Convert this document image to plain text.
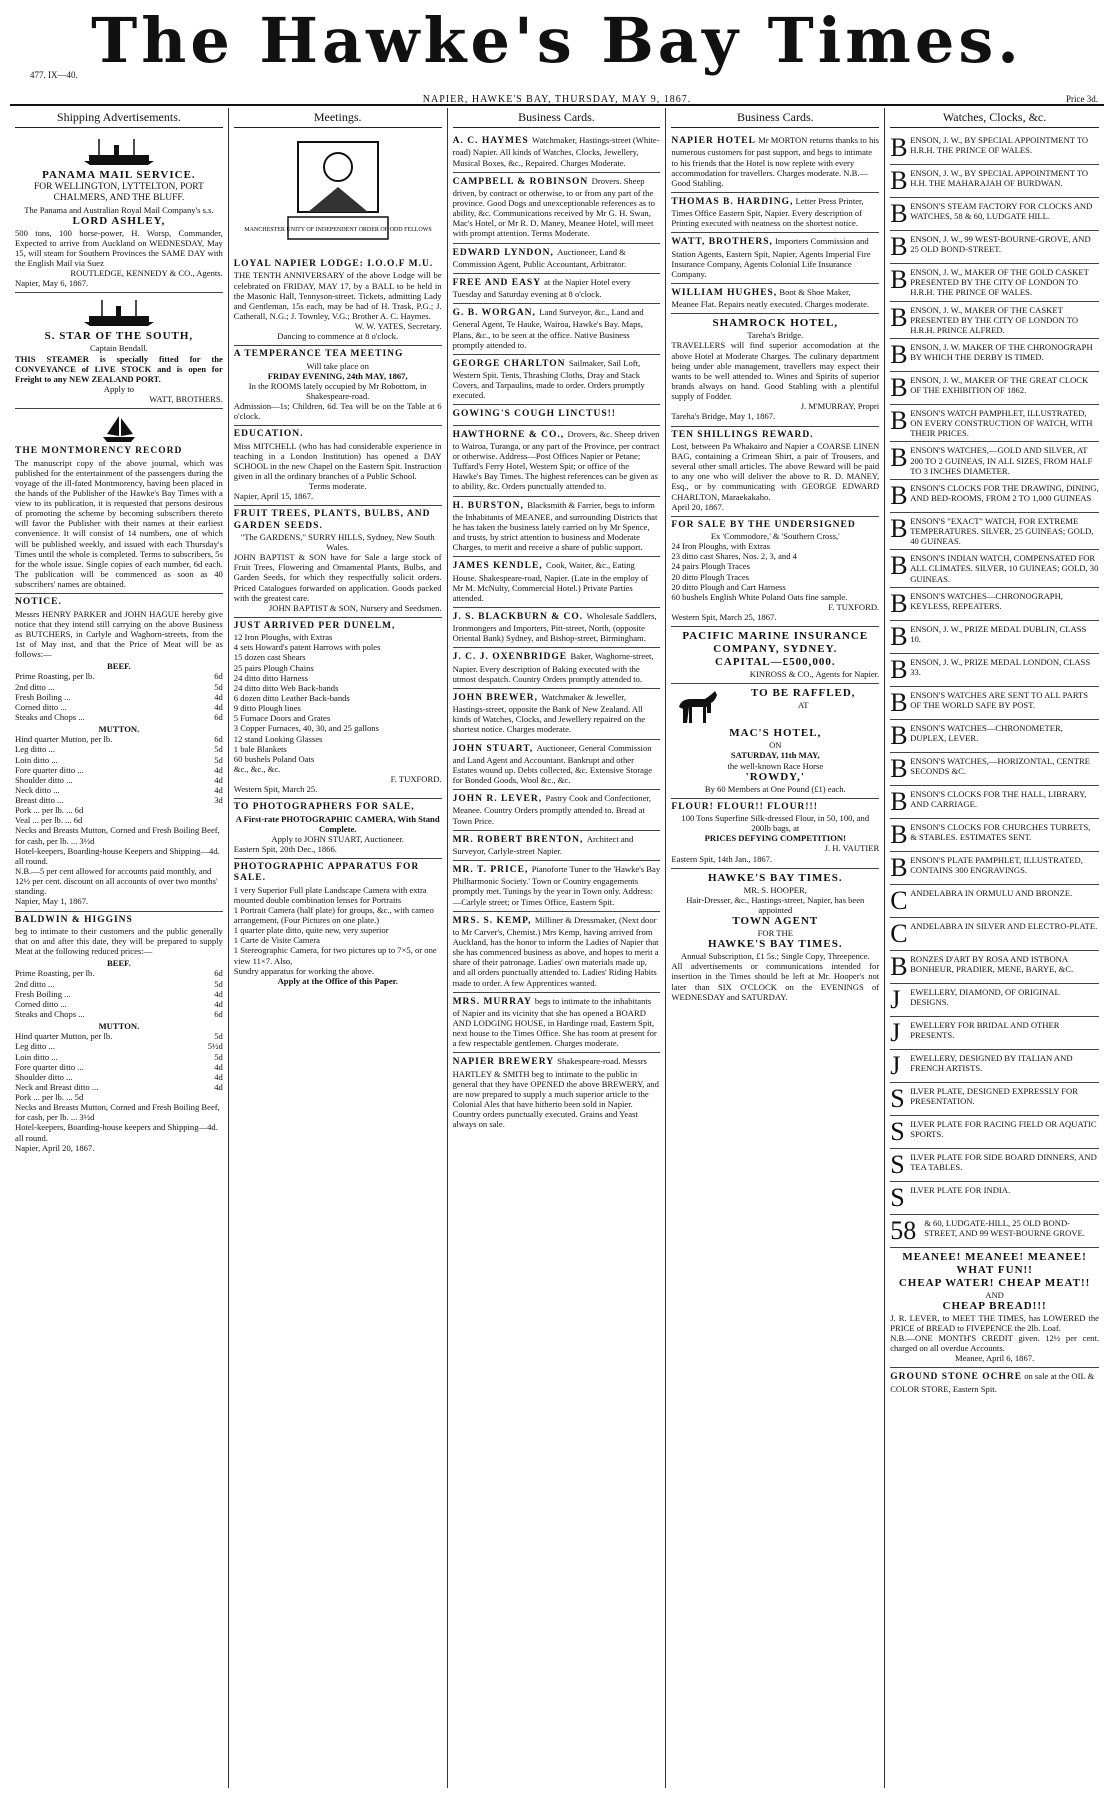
The Hawke's Bay Times.
477. IX—40.
NAPIER, HAWKE'S BAY, THURSDAY, MAY 9, 1867.	Price 3d.
Shipping Advertisements.
PANAMA MAIL SERVICE.
FOR WELLINGTON, LYTTELTON, PORT CHALMERS, AND THE BLUFF.
The Panama and Australian Royal Mail Company's s.s.
LORD ASHLEY,
500 tons, 100 horse-power, H. Worsp, Commander, Expected to arrive from Auckland on WEDNESDAY, May 15, will steam for Southern Provinces the SAME DAY with the English Mail via Suez
ROUTLEDGE, KENNEDY & CO., Agents.
Napier, May 6, 1867.
S. STAR OF THE SOUTH,
Captain Bendall.
THIS STEAMER is specially fitted for the CONVEYANCE of LIVE STOCK and is open for Freight to any NEW ZEALAND PORT.
Apply to
WATT, BROTHERS.
THE MONTMORENCY RECORD
The manuscript copy of the above journal, which was published for the entertainment of the passengers during the voyage of the ill-fated Montmorency, having been placed in the hands of the Publisher of the Hawke's Bay Times with a view to its publication, it is requested that persons desirous of promoting the scheme by becoming subscribers thereto will favor the Publisher with their names at their earliest convenience. It will consist of 14 numbers, one of which will be published weekly, and issued with each Thursday's Times until the whole is completed. Terms to subscribers, 5s for the whole issue. Single copies of each number, 6d each. The publication will be commenced as soon as 40 subscribers' names are obtained.
NOTICE.
Messrs HENRY PARKER and JOHN HAGUE hereby give notice that they intend still carrying on the above Business as BUTCHERS, in Carlyle and Waghorn-streets, from the 1st of May inst, and that the Price of Meat will be as follows:—
BEEF.
Prime Roasting, per lb.	6d
2nd ditto ...	5d
Fresh Boiling ...	4d
Corned ditto ...	4d
Steaks and Chops ...	6d
MUTTON.
Hind quarter Mutton, per lb.	6d
Leg ditto ...	5d
Loin ditto ...	5d
Fore quarter ditto ...	4d
Shoulder ditto ...	4d
Neck ditto ...	4d
Breast ditto ...	3d
Pork ... per lb. ... 6d
Veal ... per lb. ... 6d
Necks and Breasts Mutton, Corned and Fresh Boiling Beef, for cash, per lb. ... 3½d
Hotel-keepers, Boarding-house Keepers and Shipping—4d. all round.
N.B.—5 per cent allowed for accounts paid monthly, and 12½ per cent. discount on all accounts of over two months' standing.
Napier, May 1, 1867.
BALDWIN & HIGGINS
beg to intimate to their customers and the public generally that on and after this date, they will be prepared to supply Meat at the following reduced prices:—
BEEF.
Prime Roasting, per lb.	6d
2nd ditto ...	5d
Fresh Boiling ...	4d
Corned ditto ...	4d
Steaks and Chops ...	6d
MUTTON.
Hind quarter Mutton, per lb.	5d
Leg ditto ...	5½d
Loin ditto ...	5d
Fore quarter ditto ...	4d
Shoulder ditto ...	4d
Neck and Breast ditto ...	4d
Pork ... per lb. ... 5d
Necks and Breasts Mutton, Corned and Fresh Boiling Beef, for cash, per lb. ... 3½d
Hotel-keepers, Boarding-house keepers and Shipping—4d. all round.
Napier, April 20, 1867.
Meetings.
MANCHESTER UNITY OF INDEPENDENT ORDER OF ODD FELLOWS
LOYAL NAPIER LODGE: I.O.O.F M.U.
THE TENTH ANNIVERSARY of the above Lodge will be celebrated on FRIDAY, MAY 17, by a BALL to be held in the Masonic Hall, Tennyson-street. Tickets, admitting Lady and Gentleman, 15s each, may be had of H. Trask, P.G.; J. Catherall, N.G.; J. Townley, V.G.; Brother A. C. Haymes.
W. W. YATES, Secretary.
Dancing to commence at 8 o'clock.
A TEMPERANCE TEA MEETING
Will take place on
FRIDAY EVENING, 24th MAY, 1867,
In the ROOMS lately occupied by Mr Robottom, in Shakespeare-road.
Admission—1s; Children, 6d. Tea will be on the Table at 6 o'clock.
EDUCATION.
Miss MITCHELL (who has had considerable experience in teaching in a London Institution) has opened a DAY SCHOOL in the new Chapel on the Eastern Spit. Instruction given in all the ordinary branches of a Public School.
Terms moderate.
Napier, April 15, 1867.
FRUIT TREES, PLANTS, BULBS, AND GARDEN SEEDS.
"The GARDENS," SURRY HILLS, Sydney, New South Wales.
JOHN BAPTIST & SON have for Sale a large stock of Fruit Trees, Flowering and Ornamental Plants, Bulbs, and Garden Seeds, for which they respectfully solicit orders. Priced Catalogues forwarded on application. Goods packed with the greatest care.
JOHN BAPTIST & SON, Nursery and Seedsmen.
JUST ARRIVED PER DUNELM,
12 Iron Ploughs, with Extras
4 sets Howard's patent Harrows with poles
15 dozen cast Shears
25 pairs Plough Chains
24 ditto ditto Harness
24 ditto ditto Web Back-bands
6 dozen ditto Leather Back-bands
9 ditto Plough lines
5 Furnace Doors and Grates
3 Copper Furnaces, 40, 30, and 25 gallons
12 stand Looking Glasses
1 bale Blankets
60 bushels Poland Oats
&c., &c., &c.
F. TUXFORD.
Western Spit, March 25.
TO PHOTOGRAPHERS FOR SALE,
A First-rate PHOTOGRAPHIC CAMERA, With Stand Complete.
Apply to JOHN STUART, Auctioneer.
Eastern Spit, 20th Dec., 1866.
PHOTOGRAPHIC APPARATUS FOR SALE.
1 very Superior Full plate Landscape Camera with extra mounted double combination lenses for Portraits
1 Portrait Camera (half plate) for groups, &c., with cameo arrangement, (Four Pictures on one plate.)
1 quarter plate ditto, quite new, very superior
1 Carte de Visite Camera
1 Stereographic Camera, for two pictures up to 7×5, or one view 11×7. Also,
Sundry apparatus for working the above.
Apply at the Office of this Paper.
Business Cards.
A. C. HAYMES Watchmaker, Hastings-street (White-road) Napier. All kinds of Watches, Clocks, Jewellery, Musical Boxes, &c., Repaired. Charges Moderate.
CAMPBELL & ROBINSON Drovers. Sheep driven, by contract or otherwise, to or from any part of the province. Good Dogs and unexceptionable references as to ability, &c. Communications received by Mr G. H. Swan, Mac's Hotel, or Mr R. D. Maney, Meanee Hotel, will meet with prompt attention. Terms Moderate.
EDWARD LYNDON, Auctioneer, Land & Commission Agent, Public Accountant, Arbitrator.
FREE AND EASY at the Napier Hotel every Tuesday and Saturday evening at 8 o'clock.
G. B. WORGAN, Land Surveyor, &c., Land and General Agent, Te Hauke, Wairoa, Hawke's Bay. Maps, Plans, &c., to be seen at the office. Native Business promptly attended to.
GEORGE CHARLTON Sailmaker, Sail Loft, Western Spit. Tents, Thrashing Cloths, Dray and Stack Covers, and Tarpaulins, made to order. Orders promptly executed.
GOWING'S COUGH LINCTUS!!
HAWTHORNE & CO., Drovers, &c. Sheep driven to Wairoa, Turanga, or any part of the Province, per contract or otherwise. Address—Post Offices Napier or Petane; Tuffard's Ferry Hotel, Western Spit; or office of the Hawke's Bay Times. The highest references can be given as to ability, &c. Orders punctually attended to.
H. BURSTON, Blacksmith & Farrier, begs to inform the Inhabitants of MEANEE, and surrounding Districts that he has taken the business lately carried on by Mr Spence, and trusts, by strict attention to business and Moderate Charges, to merit and receive a share of public support.
JAMES KENDLE, Cook, Waiter, &c., Eating House. Shakespeare-road, Napier. (Late in the employ of Mr M. McNulty, Commercial Hotel.) Private Parties attended.
J. S. BLACKBURN & CO. Wholesale Saddlers, Ironmongers and Importers, Pitt-street, North, (opposite Oriental Bank) Sydney, and Bishop-street, Birmingham.
J. C. J. OXENBRIDGE Baker, Waghorne-street, Napier. Every description of Baking executed with the utmost despatch. Country Orders promptly attended to.
JOHN BREWER, Watchmaker & Jeweller, Hastings-street, opposite the Bank of New Zealand. All kinds of Watches, Clocks, and Jewellery repaired on the shortest notice. Charges moderate.
JOHN STUART, Auctioneer, General Commission and Land Agent and Accountant. Bankrupt and other Estates wound up. Debts collected, &c. Extensive Storage for Bonded Goods, Wool &c., &c.
JOHN R. LEVER, Pastry Cook and Confectioner, Meanee. Country Orders promptly attended to. Bread at Town Price.
MR. ROBERT BRENTON, Architect and Surveyor, Carlyle-street Napier.
MR. T. PRICE, Pianoforte Tuner to the 'Hawke's Bay Philharmonic Society.' Town or Country engagements promptly met. Tunings by the year in Town only. Address:—Carlyle street; or Times Office, Eastern Spit.
MRS. S. KEMP, Milliner & Dressmaker, (Next door to Mr Carver's, Chemist.) Mrs Kemp, having arrived from Auckland, has the honor to inform the Ladies of Napier that she has commenced business as above, and hopes to merit a share of their patronage. Ladies' own materials made up, and all orders punctually attended to. Ladies' Riding Habits made to order. A few Apprentices wanted.
MRS. MURRAY begs to intimate to the inhabitants of Napier and its vicinity that she has opened a BOARD AND LODGING HOUSE, in Hardinge road, Eastern Spit, next house to the Times Office. She has room at present for a few respectable gentlemen. Charges moderate.
NAPIER BREWERY Shakespeare-road. Messrs HARTLEY & SMITH beg to intimate to the public in general that they have OPENED the above BREWERY, and are now prepared to supply a much superior article to the Colonial Ales that have hitherto been sold in Napier. Country orders punctually executed. Grains and Yeast always on sale.
Business Cards.
NAPIER HOTEL Mr MORTON returns thanks to his numerous customers for past support, and begs to intimate to his friends that the Hotel is now replete with every accommodation for travellers. Charges moderate. N.B.—Good Stabling.
THOMAS B. HARDING, Letter Press Printer, Times Office Eastern Spit, Napier. Every description of Printing executed with neatness on the shortest notice.
WATT, BROTHERS, Importers Commission and Station Agents, Eastern Spit, Napier, Agents Imperial Fire Insurance Company, Agents Colonial Life Insurance Company.
WILLIAM HUGHES, Boot & Shoe Maker, Meanee Flat. Repairs neatly executed. Charges moderate.
SHAMROCK HOTEL,
Tareha's Bridge.
TRAVELLERS will find superior accomodation at the above Hotel at Moderate Charges. The culinary department being under able management, travellers may expect their wants to be well attended to. Wines and Spirits of superior brands always on hand. Good Stabling with a plentiful supply of Fodder.
J. M'MURRAY, Propri
Tareha's Bridge, May 1, 1867.
TEN SHILLINGS REWARD.
Lost, between Pa Whakairo and Napier a COARSE LINEN BAG, containing a Crimean Shirt, a pair of Trousers, and several other small articles. The above Reward will be paid to any one who will deliver the above to R. D. MANEY, Esq., or by communicating with GEORGE EDWARD CHARLTON, Maraekakaho.
April 20, 1867.
FOR SALE BY THE UNDERSIGNED
Ex 'Commodore,' & 'Southern Cross,'
24 Iron Ploughs, with Extras
23 ditto cast Shares, Nos. 2, 3, and 4
24 pairs Plough Traces
20 ditto Plough Traces
20 ditto Plough and Cart Harness
60 bushels English White Poland Oats fine sample.
F. TUXFORD.
Western Spit, March 25, 1867.
PACIFIC MARINE INSURANCE COMPANY, SYDNEY.
CAPITAL—£500,000.
KINROSS & CO., Agents for Napier.
TO BE RAFFLED,
AT
MAC'S HOTEL,
ON
SATURDAY, 11th MAY,
the well-known Race Horse
'ROWDY,'
By 60 Members at One Pound (£1) each.
FLOUR! FLOUR!! FLOUR!!!
100 Tons Superfine Silk-dressed Flour, in 50, 100, and 200lb bags, at
PRICES DEFYING COMPETITION!
J. H. VAUTIER
Eastern Spit, 14th Jan., 1867.
HAWKE'S BAY TIMES.
MR. S. HOOPER,
Hair-Dresser, &c., Hastings-street, Napier, has been appointed
TOWN AGENT
FOR THE
HAWKE'S BAY TIMES.
Annual Subscription, £1 5s.; Single Copy, Threepence.
All advertisements or communications intended for insertion in the Times should be left at Mr. Hooper's not later than SIX O'CLOCK on the EVENINGS of WEDNESDAY and SATURDAY.
Watches, Clocks, &c.
B ENSON, J. W., BY SPECIAL APPOINTMENT TO H.R.H. THE PRINCE OF WALES.
B ENSON, J. W., BY SPECIAL APPOINTMENT TO H.H. THE MAHARAJAH OF BURDWAN.
B ENSON'S STEAM FACTORY FOR CLOCKS AND WATCHES, 58 & 60, LUDGATE HILL.
B ENSON, J. W., 99 WEST-BOURNE-GROVE, AND 25 OLD BOND-STREET.
B ENSON, J. W., MAKER OF THE GOLD CASKET PRESENTED BY THE CITY OF LONDON TO H.R.H. THE PRINCE OF WALES.
B ENSON, J. W., MAKER OF THE CASKET PRESENTED BY THE CITY OF LONDON TO H.R.H. PRINCE ALFRED.
B ENSON, J. W. MAKER OF THE CHRONOGRAPH BY WHICH THE DERBY IS TIMED.
B ENSON, J. W., MAKER OF THE GREAT CLOCK OF THE EXHIBITION OF 1862.
B ENSON'S WATCH PAMPHLET, ILLUSTRATED, ON EVERY CONSTRUCTION OF WATCH, WITH THEIR PRICES.
B ENSON'S WATCHES,—GOLD AND SILVER, AT 200 TO 2 GUINEAS, IN ALL SIZES, FROM HALF TO 3 INCHES DIAMETER.
B ENSON'S CLOCKS FOR THE DRAWING, DINING, AND BED-ROOMS, FROM 2 TO 1,000 GUINEAS
B ENSON'S "EXACT" WATCH, FOR EXTREME TEMPERATURES. SILVER, 25 GUINEAS; GOLD, 40 GUINEAS.
B ENSON'S INDIAN WATCH, COMPENSATED FOR ALL CLIMATES. SILVER, 10 GUINEAS; GOLD, 30 GUINEAS.
B ENSON'S WATCHES—CHRONOGRAPH, KEYLESS, REPEATERS.
B ENSON, J. W., PRIZE MEDAL DUBLIN, CLASS 10.
B ENSON, J. W., PRIZE MEDAL LONDON, CLASS 33.
B ENSON'S WATCHES ARE SENT TO ALL PARTS OF THE WORLD SAFE BY POST.
B ENSON'S WATCHES—CHRONOMETER, DUPLEX, LEVER.
B ENSON'S WATCHES,—HORIZONTAL, CENTRE SECONDS &C.
B ENSON'S CLOCKS FOR THE HALL, LIBRARY, AND CARRIAGE.
B ENSON'S CLOCKS FOR CHURCHES TURRETS, & STABLES. ESTIMATES SENT.
B ENSON'S PLATE PAMPHLET, ILLUSTRATED, CONTAINS 300 ENGRAVINGS.
C ANDELABRA IN ORMULU AND BRONZE.
C ANDELABRA IN SILVER AND ELECTRO-PLATE.
B RONZES D'ART BY ROSA AND ISTBONA BONHEUR, PRADIER, MENE, BARYE, &C.
J	EWELLERY, DIAMOND, OF ORIGINAL DESIGNS.
J	EWELLERY FOR BRIDAL AND OTHER PRESENTS.
J	EWELLERY, DESIGNED BY ITALIAN AND FRENCH ARTISTS.
S ILVER PLATE, DESIGNED EXPRESSLY FOR PRESENTATION.
S ILVER PLATE FOR RACING FIELD OR AQUATIC SPORTS.
S ILVER PLATE FOR SIDE BOARD DINNERS, AND TEA TABLES.
S ILVER PLATE FOR INDIA.
58 & 60, LUDGATE-HILL, 25 OLD BOND-STREET, AND 99 WEST-BOURNE GROVE.
MEANEE! MEANEE! MEANEE!
WHAT FUN!!
CHEAP WATER! CHEAP MEAT!!
AND
CHEAP BREAD!!!
J. R. LEVER, to MEET THE TIMES, has LOWERED the PRICE of BREAD to FIVEPENCE the 2lb. Loaf.
N.B.—ONE MONTH'S CREDIT given. 12½ per cent. charged on all overdue Accounts.
Meanee, April 6, 1867.
GROUND STONE OCHRE on sale at the OIL & COLOR STORE, Eastern Spit.
